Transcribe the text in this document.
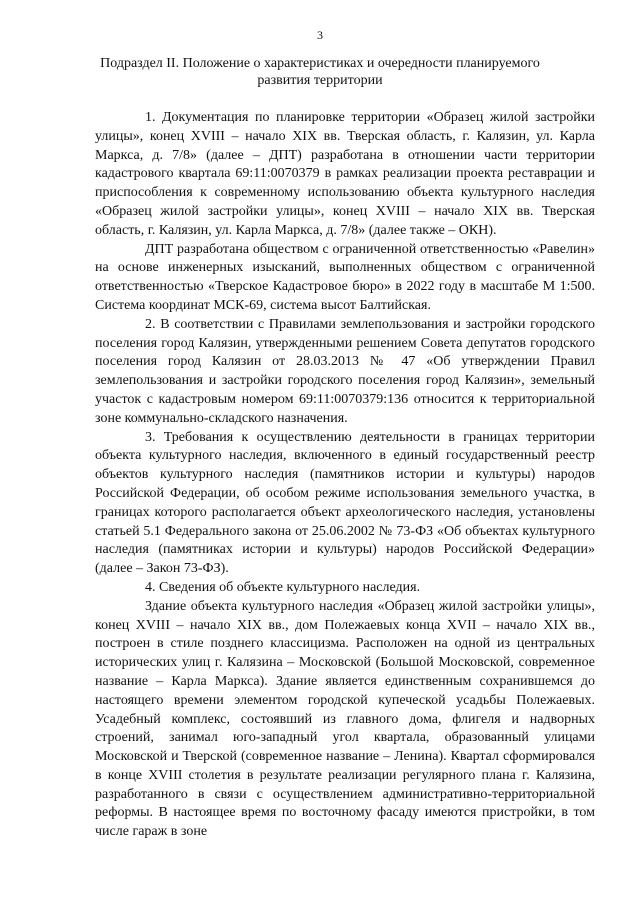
3
Подраздел II. Положение о характеристиках и очередности планируемого развития территории

1. Документация по планировке территории «Образец жилой застройки улицы», конец XVIII – начало XIX вв. Тверская область, г. Калязин, ул. Карла Маркса, д. 7/8» (далее – ДПТ) разработана в отношении части территории кадастрового квартала 69:11:0070379 в рамках реализации проекта реставрации и приспособления к современному использованию объекта культурного наследия «Образец жилой застройки улицы», конец XVIII – начало XIX вв. Тверская область, г. Калязин, ул. Карла Маркса, д. 7/8» (далее также – ОКН).

ДПТ разработана обществом с ограниченной ответственностью «Равелин» на основе инженерных изысканий, выполненных обществом с ограниченной ответственностью «Тверское Кадастровое бюро» в 2022 году в масштабе М 1:500. Система координат МСК-69, система высот Балтийская.

2. В соответствии с Правилами землепользования и застройки городского поселения город Калязин, утвержденными решением Совета депутатов городского поселения город Калязин от 28.03.2013 № 47 «Об утверждении Правил землепользования и застройки городского поселения город Калязин», земельный участок с кадастровым номером 69:11:0070379:136 относится к территориальной зоне коммунально-складского назначения.

3. Требования к осуществлению деятельности в границах территории объекта культурного наследия, включенного в единый государственный реестр объектов культурного наследия (памятников истории и культуры) народов Российской Федерации, об особом режиме использования земельного участка, в границах которого располагается объект археологического наследия, установлены статьей 5.1 Федерального закона от 25.06.2002 № 73-ФЗ «Об объектах культурного наследия (памятниках истории и культуры) народов Российской Федерации» (далее – Закон 73-ФЗ).

4. Сведения об объекте культурного наследия.

Здание объекта культурного наследия «Образец жилой застройки улицы», конец XVIII – начало XIX вв., дом Полежаевых конца XVII – начало XIX вв., построен в стиле позднего классицизма. Расположен на одной из центральных исторических улиц г. Калязина – Московской (Большой Московской, современное название – Карла Маркса). Здание является единственным сохранившемся до настоящего времени элементом городской купеческой усадьбы Полежаевых. Усадебный комплекс, состоявший из главного дома, флигеля и надворных строений, занимал юго-западный угол квартала, образованный улицами Московской и Тверской (современное название – Ленина). Квартал сформировался в конце XVIII столетия в результате реализации регулярного плана г. Калязина, разработанного в связи с осуществлением административно-территориальной реформы. В настоящее время по восточному фасаду имеются пристройки, в том числе гараж в зоне
